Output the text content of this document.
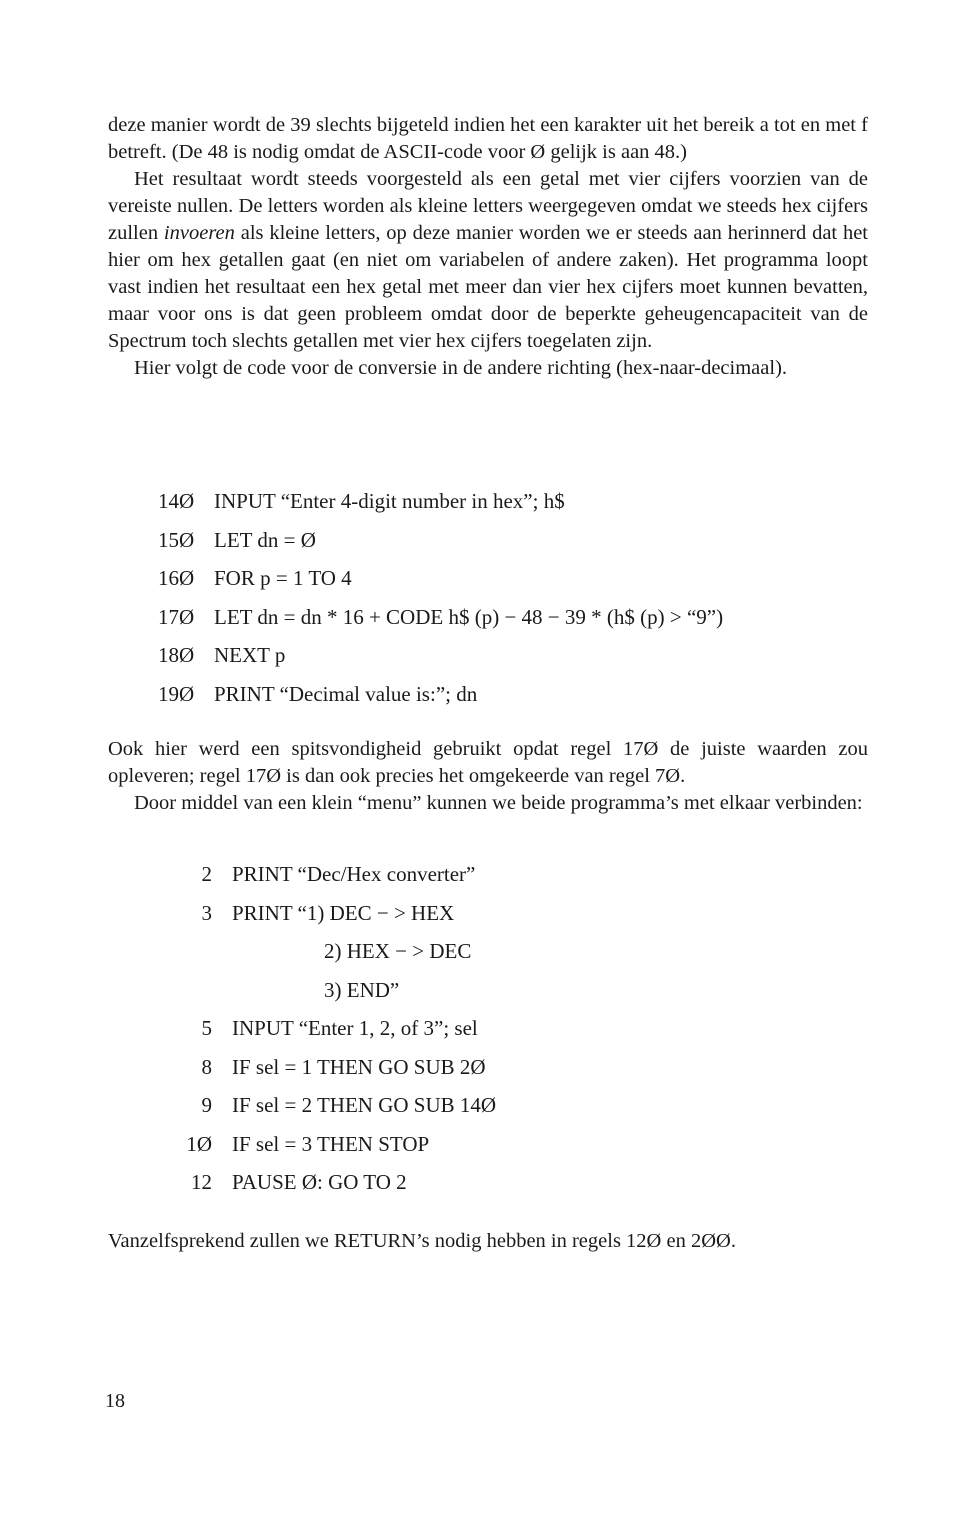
deze manier wordt de 39 slechts bijgeteld indien het een karakter uit het bereik a tot en met f betreft. (De 48 is nodig omdat de ASCII-code voor Ø gelijk is aan 48.)

Het resultaat wordt steeds voorgesteld als een getal met vier cijfers voorzien van de vereiste nullen. De letters worden als kleine letters weergegeven omdat we steeds hex cijfers zullen invoeren als kleine letters, op deze manier worden we er steeds aan herinnerd dat het hier om hex getallen gaat (en niet om variabelen of andere zaken). Het programma loopt vast indien het resultaat een hex getal met meer dan vier hex cijfers moet kunnen bevatten, maar voor ons is dat geen probleem omdat door de beperkte geheugencapaciteit van de Spectrum toch slechts getallen met vier hex cijfers toegelaten zijn.

Hier volgt de code voor de conversie in de andere richting (hex-naar-decimaal).

14Ø INPUT “Enter 4-digit number in hex”; h$
15Ø LET dn = Ø
16Ø FOR p = 1 TO 4
17Ø LET dn = dn * 16 + CODE h$ (p) − 48 − 39 * (h$ (p) > “9”)
18Ø NEXT p
19Ø PRINT “Decimal value is:”; dn

Ook hier werd een spitsvondigheid gebruikt opdat regel 17Ø de juiste waarden zou opleveren; regel 17Ø is dan ook precies het omgekeerde van regel 7Ø.

Door middel van een klein “menu” kunnen we beide programma’s met elkaar verbinden:

2 PRINT “Dec/Hex converter”
3 PRINT “1) DEC − > HEX
2) HEX − > DEC
3) END”
5 INPUT “Enter 1, 2, of 3”; sel
8 IF sel = 1 THEN GO SUB 2Ø
9 IF sel = 2 THEN GO SUB 14Ø
1Ø IF sel = 3 THEN STOP
12 PAUSE Ø: GO TO 2

Vanzelfsprekend zullen we RETURN’s nodig hebben in regels 12Ø en 2ØØ.

18
